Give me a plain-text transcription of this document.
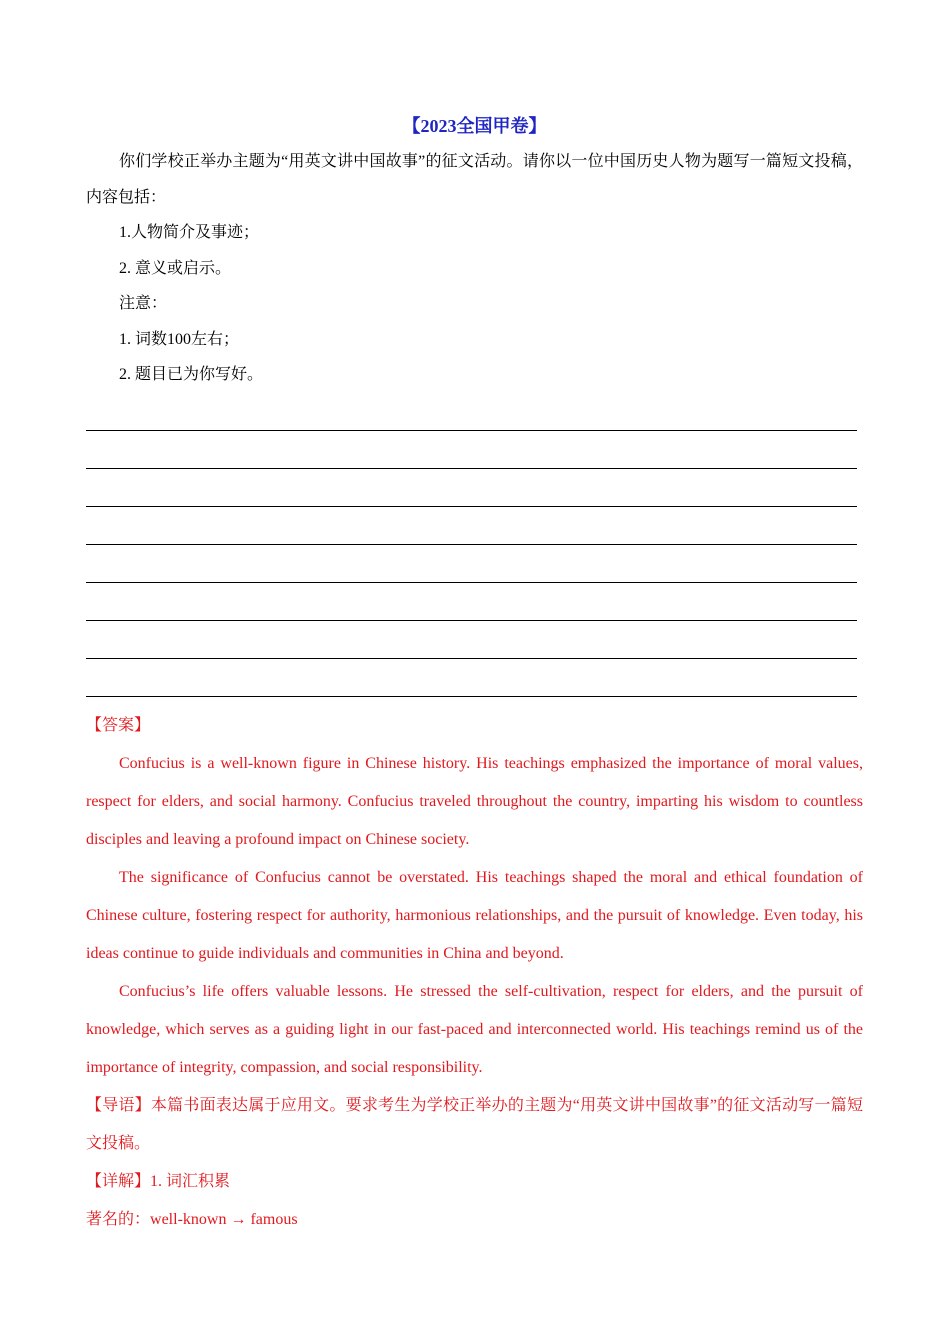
【2023全国甲卷】

你们学校正举办主题为“用英文讲中国故事”的征文活动。请你以一位中国历史人物为题写一篇短文投稿，内容包括：

1.人物简介及事迹；

2. 意义或启示。

注意：

1. 词数100左右；

2. 题目已为你写好。

【答案】

Confucius is a well-known figure in Chinese history. His teachings emphasized the importance of moral values, respect for elders, and social harmony. Confucius traveled throughout the country, imparting his wisdom to countless disciples and leaving a profound impact on Chinese society.

The significance of Confucius cannot be overstated. His teachings shaped the moral and ethical foundation of Chinese culture, fostering respect for authority, harmonious relationships, and the pursuit of knowledge. Even today, his ideas continue to guide individuals and communities in China and beyond.

Confucius’s life offers valuable lessons. He stressed the self-cultivation, respect for elders, and the pursuit of knowledge, which serves as a guiding light in our fast-paced and interconnected world. His teachings remind us of the importance of integrity, compassion, and social responsibility.

【导语】本篇书面表达属于应用文。要求考生为学校正举办的主题为“用英文讲中国故事”的征文活动写一篇短文投稿。

【详解】1. 词汇积累

著名的：well-known → famous
